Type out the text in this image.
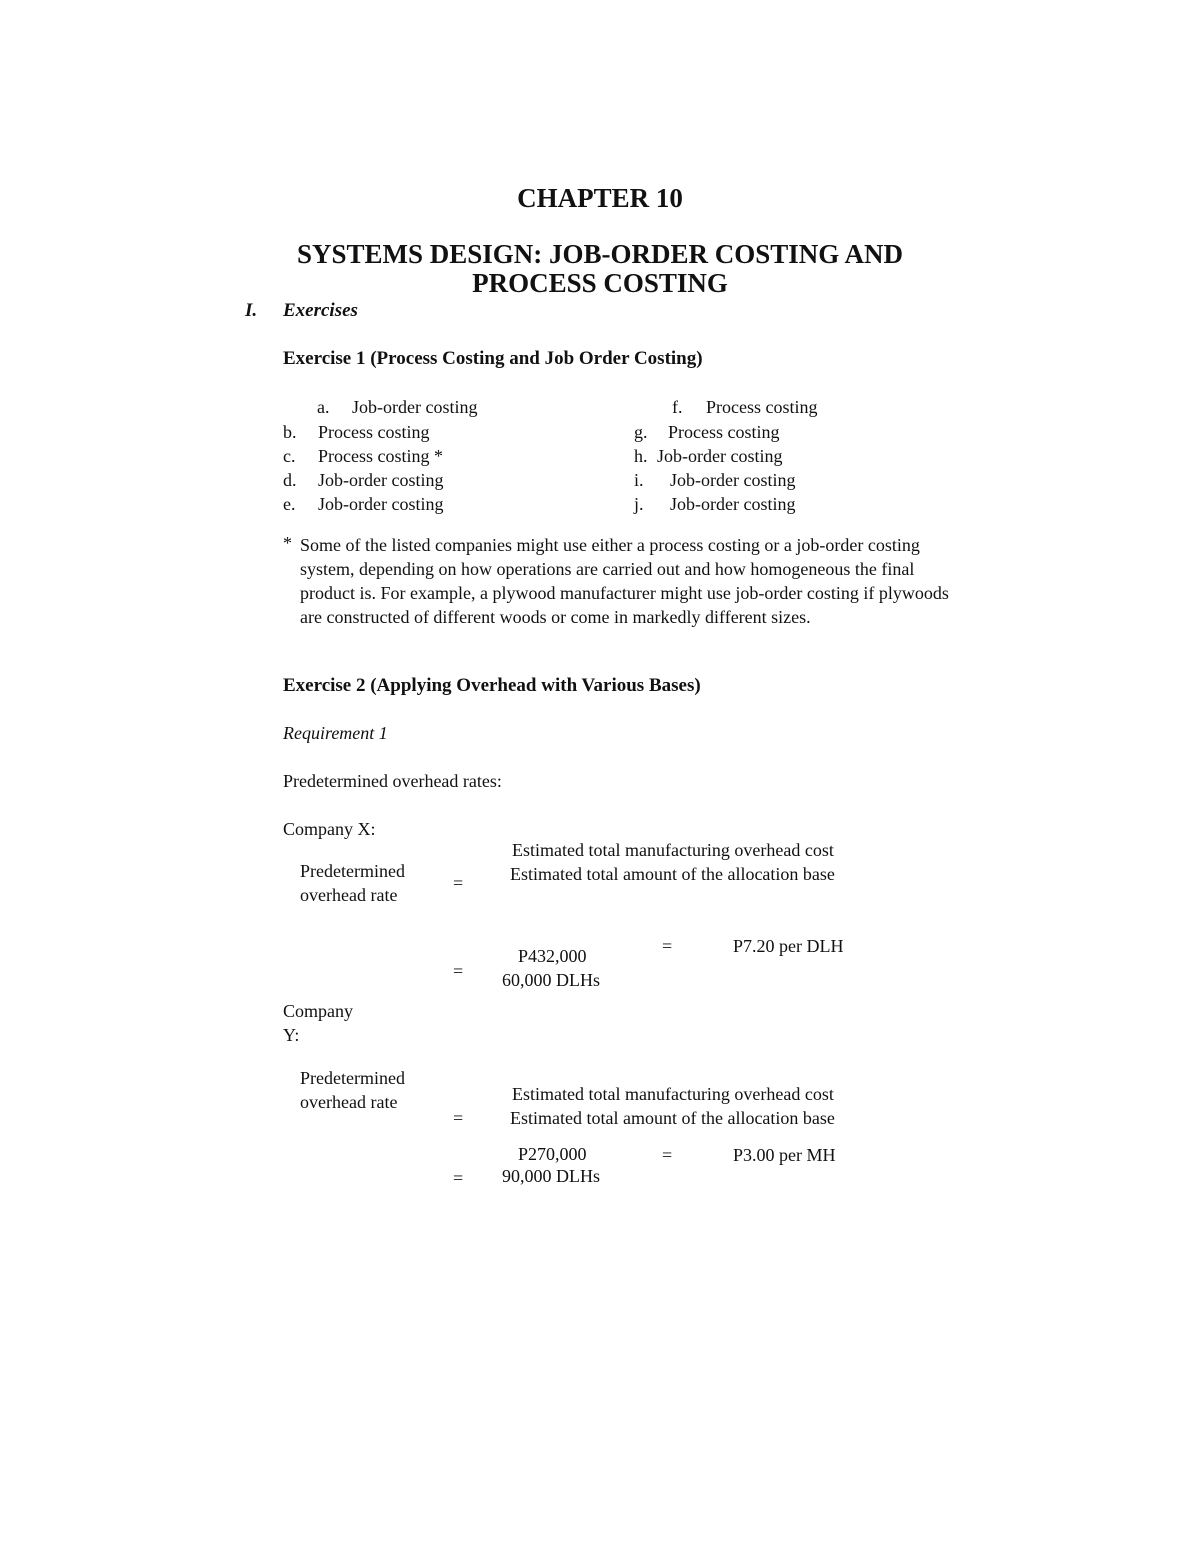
CHAPTER 10
SYSTEMS DESIGN: JOB-ORDER COSTING AND
PROCESS COSTING
I. Exercises
Exercise 1 (Process Costing and Job Order Costing)
a. Job-order costing
b. Process costing
c. Process costing *
d. Job-order costing
e. Job-order costing
f. Process costing
g. Process costing
h. Job-order costing
i. Job-order costing
j. Job-order costing
* Some of the listed companies might use either a process costing or a job-order costing system, depending on how operations are carried out and how homogeneous the final product is. For example, a plywood manufacturer might use job-order costing if plywoods are constructed of different woods or come in markedly different sizes.
Exercise 2 (Applying Overhead with Various Bases)
Requirement 1
Predetermined overhead rates:
Company X:
Predetermined
overhead rate
=
Estimated total manufacturing overhead cost
Estimated total amount of the allocation base
=
P432,000
60,000 DLHs
=	P7.20 per DLH
Company
Y:
Predetermined
overhead rate
=
Estimated total manufacturing overhead cost
Estimated total amount of the allocation base
=
P270,000
90,000 DLHs
=	P3.00 per MH
